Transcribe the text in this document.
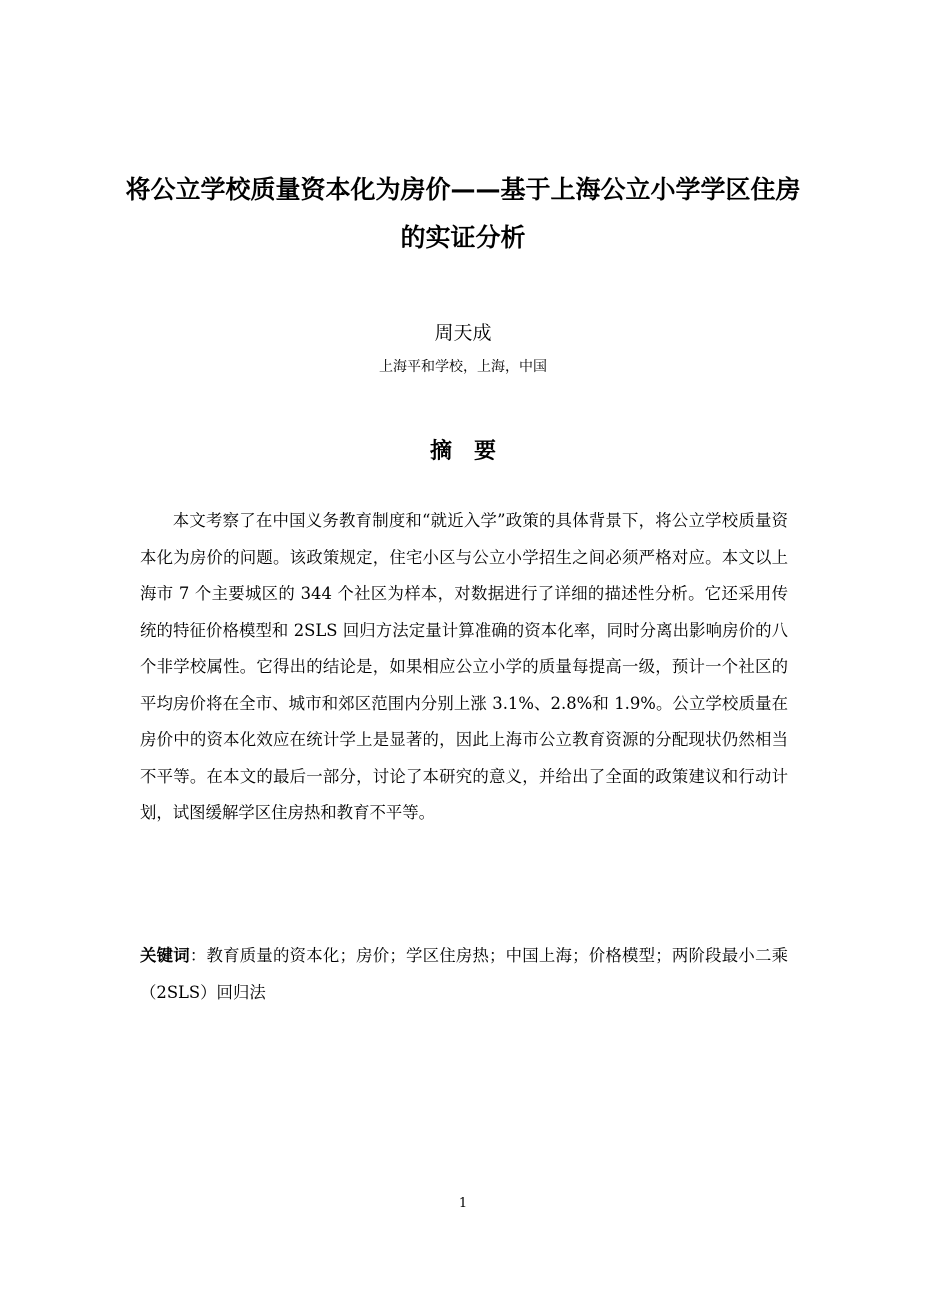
将公立学校质量资本化为房价——基于上海公立小学学区住房的实证分析
周天成
上海平和学校，上海，中国
摘要

本文考察了在中国义务教育制度和“就近入学”政策的具体背景下，将公立学校质量资本化为房价的问题。该政策规定，住宅小区与公立小学招生之间必须严格对应。本文以上海市 7 个主要城区的 344 个社区为样本，对数据进行了详细的描述性分析。它还采用传统的特征价格模型和 2SLS 回归方法定量计算准确的资本化率，同时分离出影响房价的八个非学校属性。它得出的结论是，如果相应公立小学的质量每提高一级，预计一个社区的平均房价将在全市、城市和郊区范围内分别上涨 3.1%、2.8%和 1.9%。公立学校质量在房价中的资本化效应在统计学上是显著的，因此上海市公立教育资源的分配现状仍然相当不平等。在本文的最后一部分，讨论了本研究的意义，并给出了全面的政策建议和行动计划，试图缓解学区住房热和教育不平等。

关键词：教育质量的资本化；房价；学区住房热；中国上海；价格模型；两阶段最小二乘（2SLS）回归法

1
